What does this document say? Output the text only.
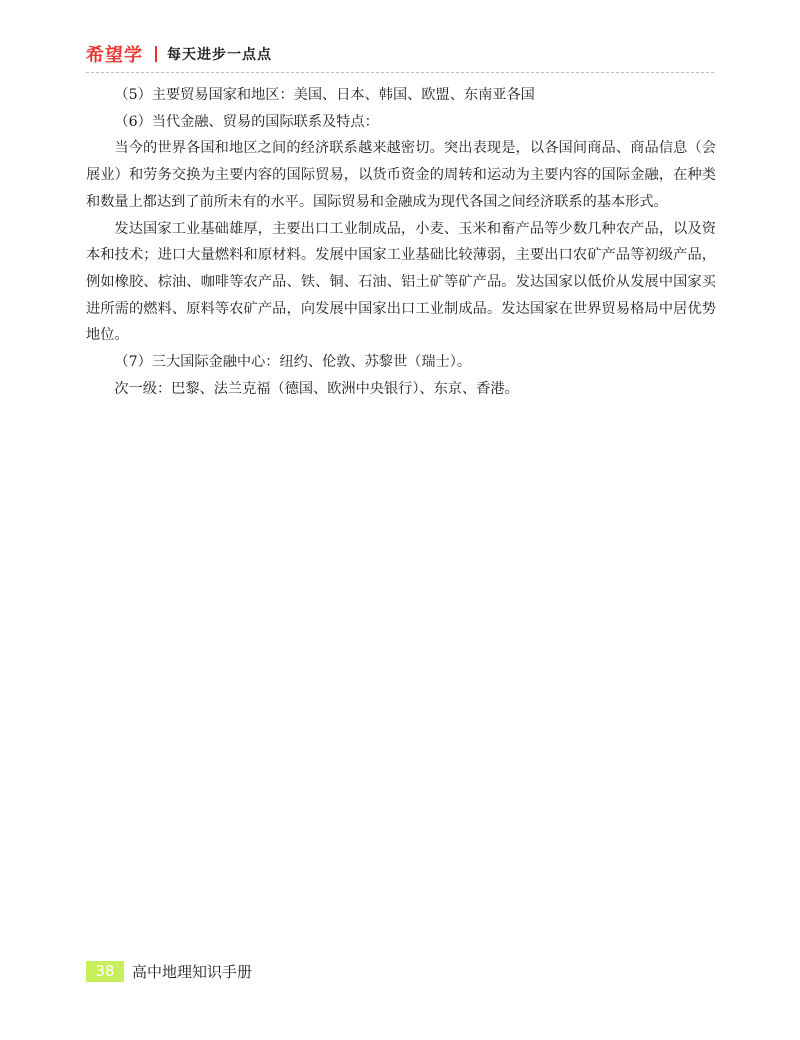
希望学 每天进步一点点

（5）主要贸易国家和地区：美国、日本、韩国、欧盟、东南亚各国

（6）当代金融、贸易的国际联系及特点：

当今的世界各国和地区之间的经济联系越来越密切。突出表现是，以各国间商品、商品信息（会展业）和劳务交换为主要内容的国际贸易，以货币资金的周转和运动为主要内容的国际金融，在种类和数量上都达到了前所未有的水平。国际贸易和金融成为现代各国之间经济联系的基本形式。

发达国家工业基础雄厚，主要出口工业制成品，小麦、玉米和畜产品等少数几种农产品，以及资本和技术；进口大量燃料和原材料。发展中国家工业基础比较薄弱，主要出口农矿产品等初级产品，例如橡胶、棕油、咖啡等农产品、铁、铜、石油、铝土矿等矿产品。发达国家以低价从发展中国家买进所需的燃料、原料等农矿产品，向发展中国家出口工业制成品。发达国家在世界贸易格局中居优势地位。

（7）三大国际金融中心：纽约、伦敦、苏黎世（瑞士）。

次一级：巴黎、法兰克福（德国、欧洲中央银行）、东京、香港。

38	高中地理知识手册
